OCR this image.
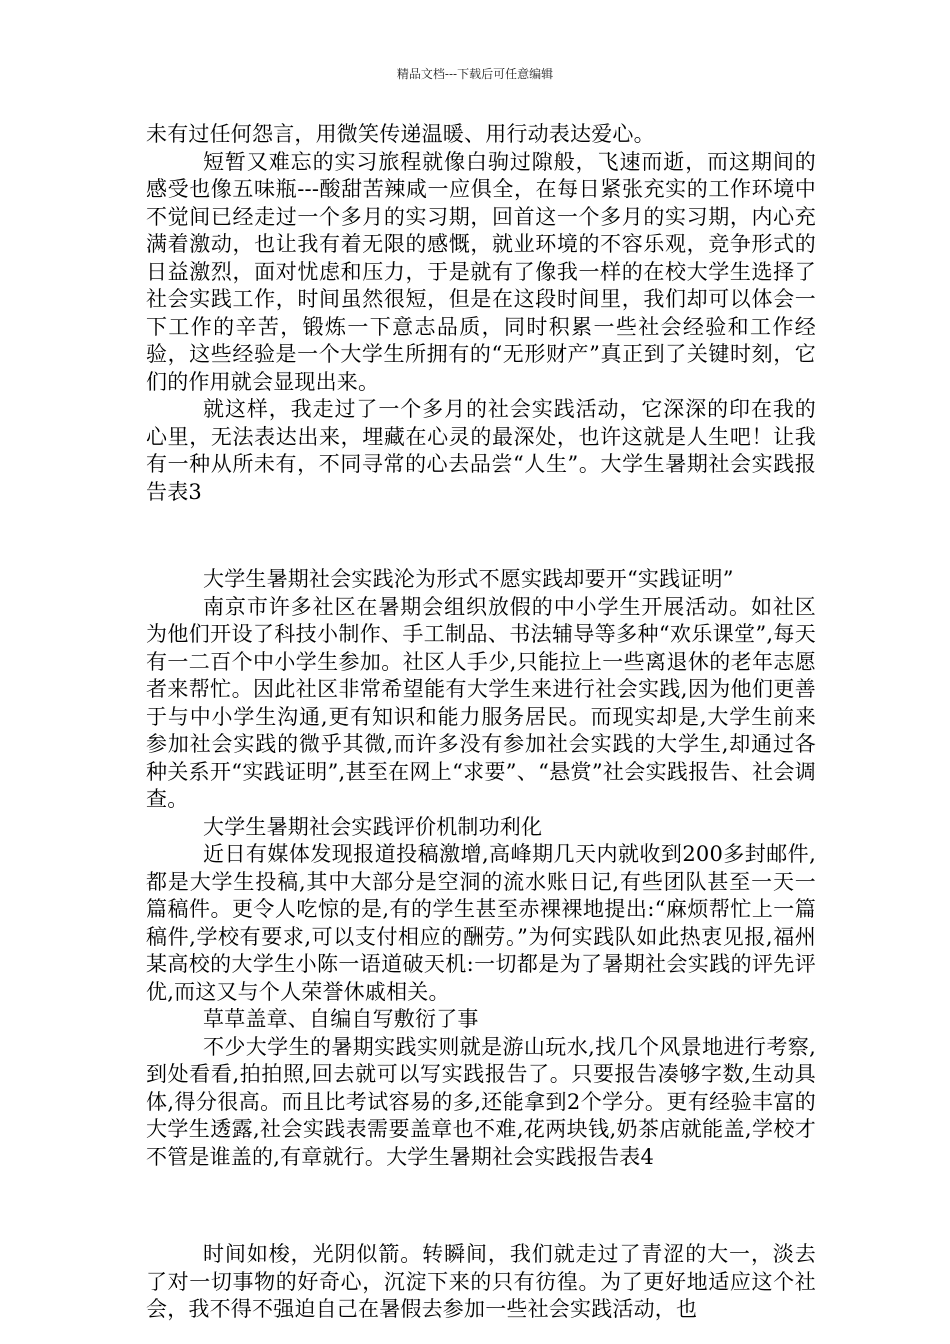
精品文档---下载后可任意编辑

未有过任何怨言，用微笑传递温暖、用行动表达爱心。

短暂又难忘的实习旅程就像白驹过隙般，飞速而逝，而这期间的感受也像五味瓶---酸甜苦辣咸一应俱全，在每日紧张充实的工作环境中不觉间已经走过一个多月的实习期，回首这一个多月的实习期，内心充满着激动，也让我有着无限的感慨，就业环境的不容乐观，竞争形式的日益激烈，面对忧虑和压力，于是就有了像我一样的在校大学生选择了社会实践工作，时间虽然很短，但是在这段时间里，我们却可以体会一下工作的辛苦，锻炼一下意志品质，同时积累一些社会经验和工作经验，这些经验是一个大学生所拥有的“无形财产”真正到了关键时刻，它们的作用就会显现出来。

就这样，我走过了一个多月的社会实践活动，它深深的印在我的心里，无法表达出来，埋藏在心灵的最深处，也许这就是人生吧！让我有一种从所未有，不同寻常的心去品尝“人生”。大学生暑期社会实践报告表3

大学生暑期社会实践沦为形式不愿实践却要开“实践证明”

南京市许多社区在暑期会组织放假的中小学生开展活动。如社区为他们开设了科技小制作、手工制品、书法辅导等多种“欢乐课堂”,每天有一二百个中小学生参加。社区人手少,只能拉上一些离退休的老年志愿者来帮忙。因此社区非常希望能有大学生来进行社会实践,因为他们更善于与中小学生沟通,更有知识和能力服务居民。而现实却是,大学生前来参加社会实践的微乎其微,而许多没有参加社会实践的大学生,却通过各种关系开“实践证明”,甚至在网上“求要”、“悬赏”社会实践报告、社会调查。

大学生暑期社会实践评价机制功利化

近日有媒体发现报道投稿激增,高峰期几天内就收到200多封邮件,都是大学生投稿,其中大部分是空洞的流水账日记,有些团队甚至一天一篇稿件。更令人吃惊的是,有的学生甚至赤裸裸地提出:“麻烦帮忙上一篇稿件,学校有要求,可以支付相应的酬劳。”为何实践队如此热衷见报,福州某高校的大学生小陈一语道破天机:一切都是为了暑期社会实践的评先评优,而这又与个人荣誉休戚相关。

草草盖章、自编自写敷衍了事

不少大学生的暑期实践实则就是游山玩水,找几个风景地进行考察,到处看看,拍拍照,回去就可以写实践报告了。只要报告凑够字数,生动具体,得分很高。而且比考试容易的多,还能拿到2个学分。更有经验丰富的大学生透露,社会实践表需要盖章也不难,花两块钱,奶茶店就能盖,学校才不管是谁盖的,有章就行。大学生暑期社会实践报告表4

时间如梭，光阴似箭。转瞬间，我们就走过了青涩的大一，淡去了对一切事物的好奇心，沉淀下来的只有彷徨。为了更好地适应这个社会，我不得不强迫自己在暑假去参加一些社会实践活动，也
